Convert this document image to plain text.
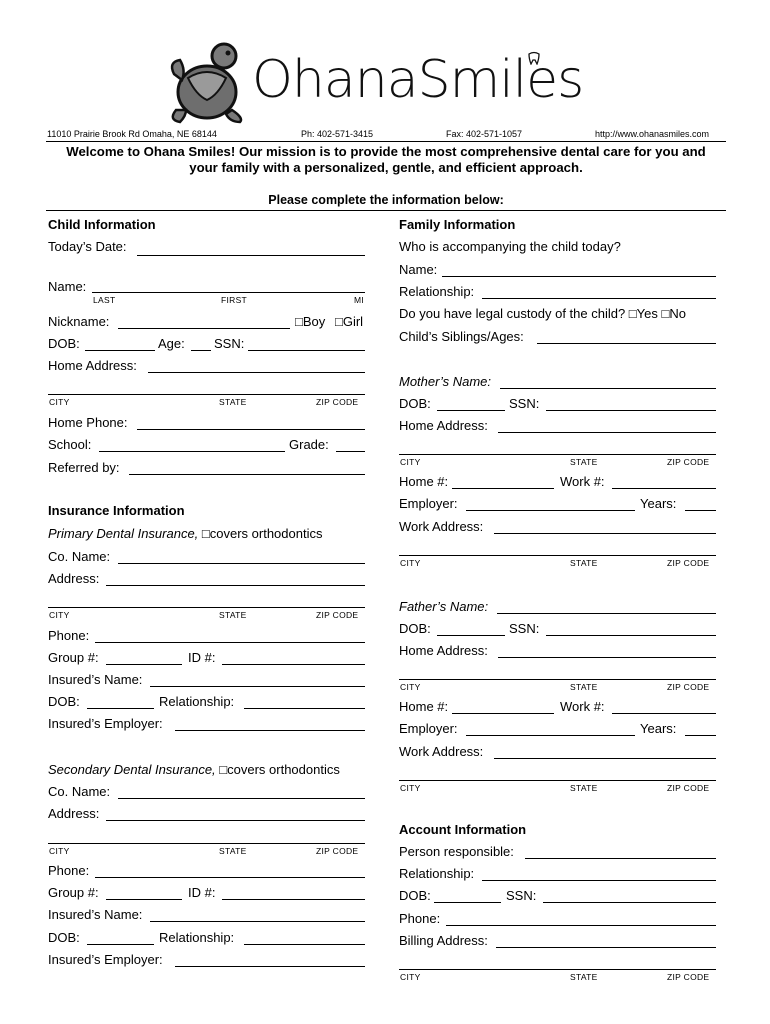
OhanaSmiles
11010 Prairie Brook Rd Omaha, NE 68144	Ph: 402-571-3415	Fax: 402-571-1057	http://www.ohanasmiles.com
Welcome to Ohana Smiles! Our mission is to provide the most comprehensive dental care for you and
your family with a personalized, gentle, and efficient approach.
Please complete the information below:
Child Information
Today’s Date:
Name:
LAST	FIRST	MI
Nickname:	□Boy □Girl
DOB:	Age: SSN:
Home Address:
CITY	STATE	ZIP CODE
Home Phone:
School:	Grade:
Referred by:
Insurance Information
Primary Dental Insurance, □covers orthodontics
Co. Name:
Address:
CITY	STATE	ZIP CODE
Phone:
Group #:	ID #:
Insured’s Name:
DOB:	Relationship:
Insured’s Employer:
Secondary Dental Insurance, □covers orthodontics
Co. Name:
Address:
CITY	STATE	ZIP CODE
Phone:
Group #:	ID #:
Insured’s Name:
DOB:	Relationship:
Insured’s Employer:
Family Information
Who is accompanying the child today?
Name:
Relationship:
Do you have legal custody of the child? □Yes □No
Child’s Siblings/Ages:
Mother’s Name:
DOB:	SSN:
Home Address:
CITY	STATE	ZIP CODE
Home #:	Work #:
Employer:	Years:
Work Address:
CITY	STATE	ZIP CODE
Father’s Name:
DOB:	SSN:
Home Address:
CITY	STATE	ZIP CODE
Home #:	Work #:
Employer:	Years:
Work Address:
CITY	STATE	ZIP CODE
Account Information
Person responsible:
Relationship:
DOB:	SSN:
Phone:
Billing Address:
CITY	STATE	ZIP CODE
